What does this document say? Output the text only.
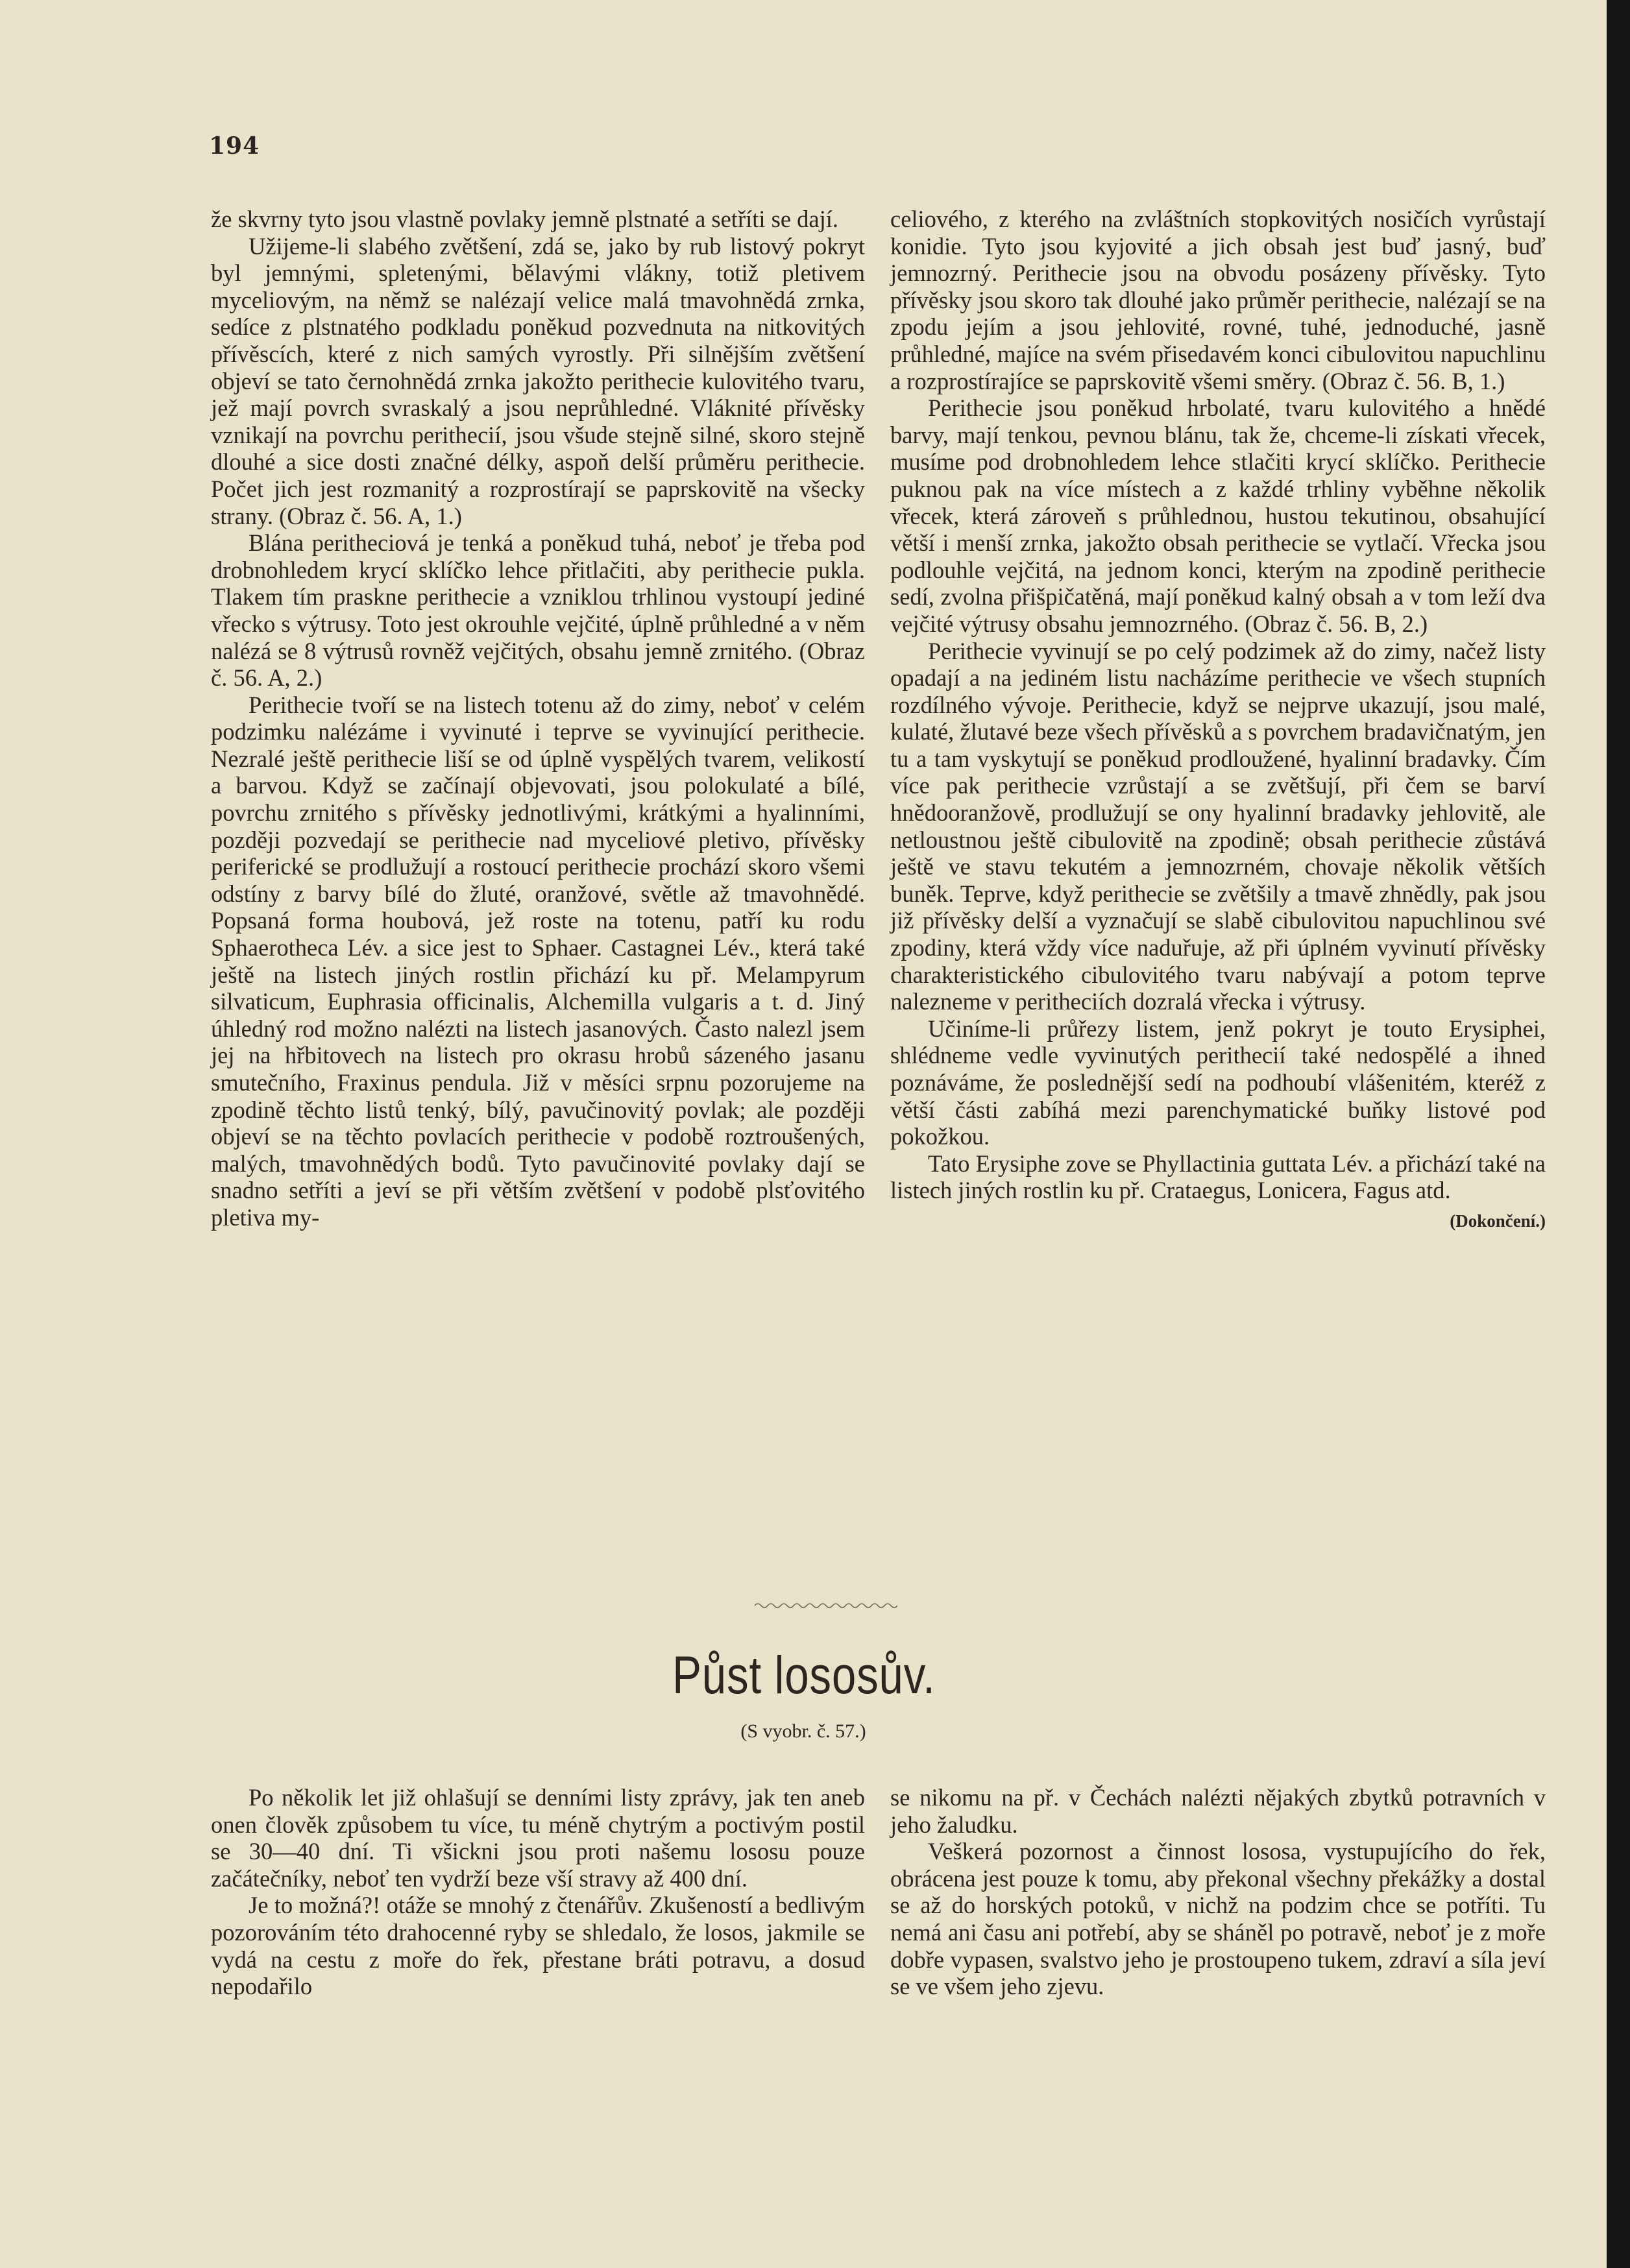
194

že skvrny tyto jsou vlastně povlaky jemně plstnaté a setříti se dají.

Užijeme-li slabého zvětšení, zdá se, jako by rub listový pokryt byl jemnými, spletenými, bělavými vlákny, totiž pletivem myceliovým, na němž se nalézají velice malá tmavohnědá zrnka, sedíce z plstnatého podkladu poněkud pozvednuta na nitkovitých přívěscích, které z nich samých vyrostly. Při silnějším zvětšení objeví se tato černohnědá zrnka jakožto perithecie kulovitého tvaru, jež mají povrch svraskalý a jsou neprůhledné. Vláknité přívěsky vznikají na povrchu perithecií, jsou všude stejně silné, skoro stejně dlouhé a sice dosti značné délky, aspoň delší průměru perithecie. Počet jich jest rozmanitý a rozprostírají se paprskovitě na všecky strany. (Obraz č. 56. A, 1.)

Blána peritheciová je tenká a poněkud tuhá, neboť je třeba pod drobnohledem krycí sklíčko lehce přitlačiti, aby perithecie pukla. Tlakem tím praskne perithecie a vzniklou trhlinou vystoupí jediné vřecko s výtrusy. Toto jest okrouhle vejčité, úplně průhledné a v něm nalézá se 8 výtrusů rovněž vejčitých, obsahu jemně zrnitého. (Obraz č. 56. A, 2.)

Perithecie tvoří se na listech totenu až do zimy, neboť v celém podzimku nalézáme i vyvinuté i teprve se vyvinující perithecie. Nezralé ještě perithecie liší se od úplně vyspělých tvarem, velikostí a barvou. Když se začínají objevovati, jsou polokulaté a bílé, povrchu zrnitého s přívěsky jednotlivými, krátkými a hyalinními, později pozvedají se perithecie nad myceliové pletivo, přívěsky periferické se prodlužují a rostoucí perithecie prochází skoro všemi odstíny z barvy bílé do žluté, oranžové, světle až tmavohnědé. Popsaná forma houbová, jež roste na totenu, patří ku rodu Sphaerotheca Lév. a sice jest to Sphaer. Castagnei Lév., která také ještě na listech jiných rostlin přichází ku př. Melampyrum silvaticum, Euphrasia officinalis, Alchemilla vulgaris a t. d. Jiný úhledný rod možno nalézti na listech jasanových. Často nalezl jsem jej na hřbitovech na listech pro okrasu hrobů sázeného jasanu smutečního, Fraxinus pendula. Již v měsíci srpnu pozorujeme na zpodině těchto listů tenký, bílý, pavučinovitý povlak; ale později objeví se na těchto povlacích perithecie v podobě roztroušených, malých, tmavohnědých bodů. Tyto pavučinovité povlaky dají se snadno setříti a jeví se při větším zvětšení v podobě plsťovitého pletiva my-

celiového, z kterého na zvláštních stopkovitých nosičích vyrůstají konidie. Tyto jsou kyjovité a jich obsah jest buď jasný, buď jemnozrný. Perithecie jsou na obvodu posázeny přívěsky. Tyto přívěsky jsou skoro tak dlouhé jako průměr perithecie, nalézají se na zpodu jejím a jsou jehlovité, rovné, tuhé, jednoduché, jasně průhledné, majíce na svém přisedavém konci cibulovitou napuchlinu a rozprostírajíce se paprskovitě všemi směry. (Obraz č. 56. B, 1.)

Perithecie jsou poněkud hrbolaté, tvaru kulovitého a hnědé barvy, mají tenkou, pevnou blánu, tak že, chceme-li získati vřecek, musíme pod drobnohledem lehce stlačiti krycí sklíčko. Perithecie puknou pak na více místech a z každé trhliny vyběhne několik vřecek, která zároveň s průhlednou, hustou tekutinou, obsahující větší i menší zrnka, jakožto obsah perithecie se vytlačí. Vřecka jsou podlouhle vejčitá, na jednom konci, kterým na zpodině perithecie sedí, zvolna přišpičatěná, mají poněkud kalný obsah a v tom leží dva vejčité výtrusy obsahu jemnozrného. (Obraz č. 56. B, 2.)

Perithecie vyvinují se po celý podzimek až do zimy, načež listy opadají a na jediném listu nacházíme perithecie ve všech stupních rozdílného vývoje. Perithecie, když se nejprve ukazují, jsou malé, kulaté, žlutavé beze všech přívěsků a s povrchem bradavičnatým, jen tu a tam vyskytují se poněkud prodloužené, hyalinní bradavky. Čím více pak perithecie vzrůstají a se zvětšují, při čem se barví hnědooranžově, prodlužují se ony hyalinní bradavky jehlovitě, ale netloustnou ještě cibulovitě na zpodině; obsah perithecie zůstává ještě ve stavu tekutém a jemnozrném, chovaje několik větších buněk. Teprve, když perithecie se zvětšily a tmavě zhnědly, pak jsou již přívěsky delší a vyznačují se slabě cibulovitou napuchlinou své zpodiny, která vždy více naduřuje, až při úplném vyvinutí přívěsky charakteristického cibulovitého tvaru nabývají a potom teprve nalezneme v peritheciích dozralá vřecka i výtrusy.

Učiníme-li průřezy listem, jenž pokryt je touto Erysiphei, shlédneme vedle vyvinutých perithecií také nedospělé a ihned poznáváme, že poslednější sedí na podhoubí vlášenitém, kteréž z větší části zabíhá mezi parenchymatické buňky listové pod pokožkou.

Tato Erysiphe zove se Phyllactinia guttata Lév. a přichází také na listech jiných rostlin ku př. Crataegus, Lonicera, Fagus atd.

(Dokončení.)
Půst lososův.
(S vyobr. č. 57.)

Po několik let již ohlašují se denními listy zprávy, jak ten aneb onen člověk způsobem tu více, tu méně chytrým a poctivým postil se 30—40 dní. Ti všickni jsou proti našemu lososu pouze začátečníky, neboť ten vydrží beze vší stravy až 400 dní.

Je to možná?! otáže se mnohý z čtenářův. Zkušeností a bedlivým pozorováním této drahocenné ryby se shledalo, že losos, jakmile se vydá na cestu z moře do řek, přestane bráti potravu, a dosud nepodařilo

se nikomu na př. v Čechách nalézti nějakých zbytků potravních v jeho žaludku.

Veškerá pozornost a činnost lososa, vystupujícího do řek, obrácena jest pouze k tomu, aby překonal všechny překážky a dostal se až do horských potoků, v nichž na podzim chce se potříti. Tu nemá ani času ani potřebí, aby se sháněl po potravě, neboť je z moře dobře vypasen, svalstvo jeho je prostoupeno tukem, zdraví a síla jeví se ve všem jeho zjevu.
